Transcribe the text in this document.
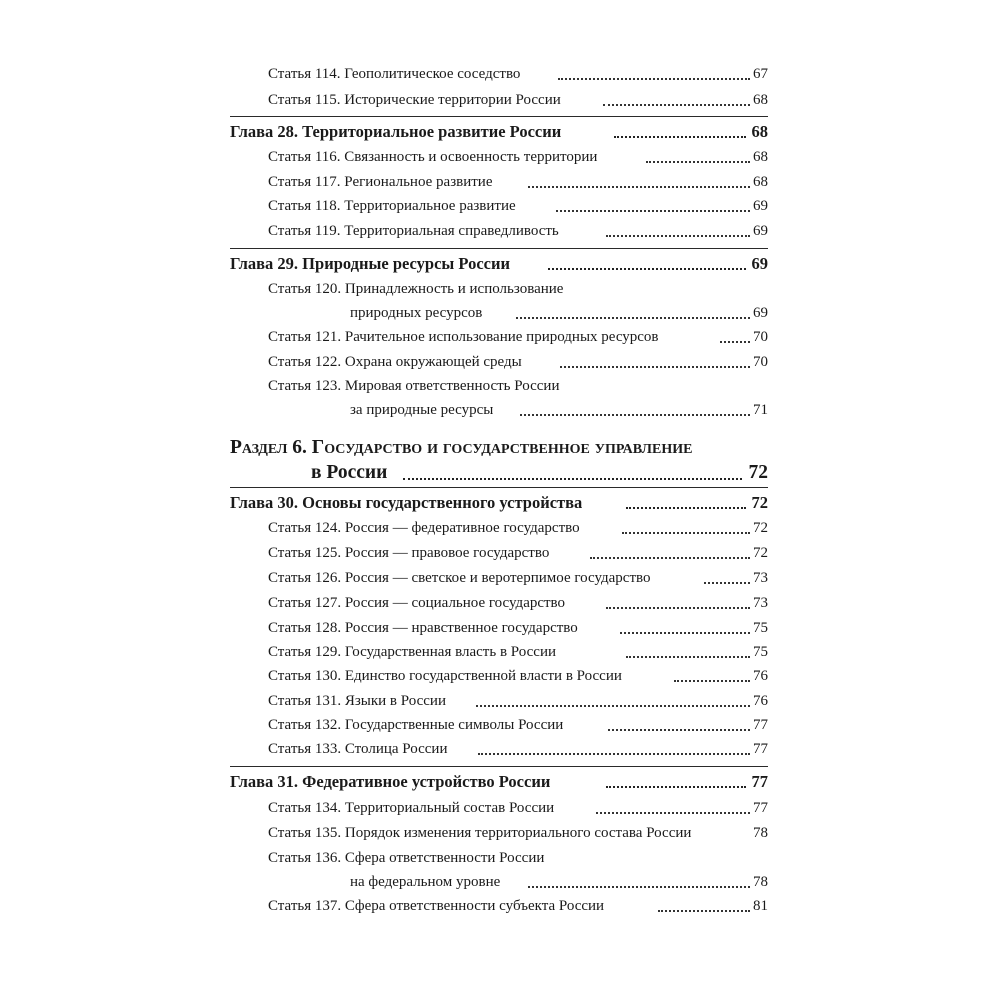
Статья 114. Геополитическое соседство	67
Статья 115. Исторические территории России	68
Глава 28. Территориальное развитие России	68
Статья 116. Связанность и освоенность территории	68
Статья 117. Региональное развитие	68
Статья 118. Территориальное развитие	69
Статья 119. Территориальная справедливость	69
Глава 29. Природные ресурсы России	69
Статья 120. Принадлежность и использование
природных ресурсов	69
Статья 121. Рачительное использование природных ресурсов	70
Статья 122. Охрана окружающей среды	70
Статья 123. Мировая ответственность России
за природные ресурсы	71
Раздел 6. Государство и государственное управление
в России	72
Глава 30. Основы государственного устройства	72
Статья 124. Россия — федеративное государство	72
Статья 125. Россия — правовое государство	72
Статья 126. Россия — светское и веротерпимое государство	73
Статья 127. Россия — социальное государство	73
Статья 128. Россия — нравственное государство	75
Статья 129. Государственная власть в России	75
Статья 130. Единство государственной власти в России	76
Статья 131. Языки в России	76
Статья 132. Государственные символы России	77
Статья 133. Столица России	77
Глава 31. Федеративное устройство России	77
Статья 134. Территориальный состав России	77
Статья 135. Порядок изменения территориального состава России	78
Статья 136. Сфера ответственности России
на федеральном уровне	78
Статья 137. Сфера ответственности субъекта России	81
